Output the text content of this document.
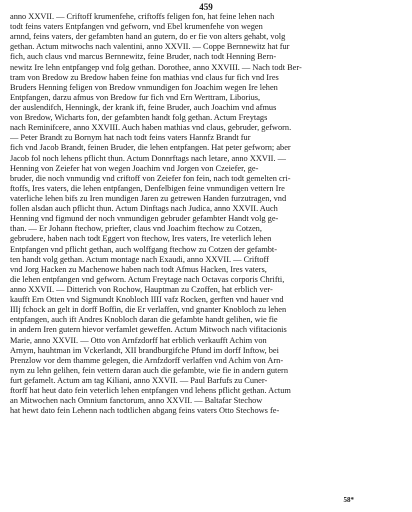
459
anno XXVII. — Criftoff krumenfehe, criftoffs feligen fon, hat feine lehen nach
todt feins vaters Entpfangen vnd gefworn, vnd Ebel krumenfehe von wegen
arnnd, feins vaters, der gefambten hand an gutern, do er fie von alters gehabt, volg
gethan. Actum mitwochs nach valentini, anno XXVII. — Coppe Bernnewitz hat fur
fich, auch claus vnd marcus Bernnewitz, feine Bruder, nach todt Henning Bern-
newitz Ire lehn entpfangep vnd folg gethan. Dorothee, anno XXVIII. — Nach todt Ber-
tram von Bredow zu Bredow haben feine fon mathias vnd claus fur fich vnd Ires
Bruders Henning feligen von Bredow vnmundigen fon Joachim wegen Ire lehen
Entpfangen, darzu afmus von Bredow fur fich vnd Ern Werttram, Liborius,
der auslendifch, Henningk, der krank ift, feine Bruder, auch Joachim vnd afmus
von Bredow, Wicharts fon, der gefambten handt folg gethan. Actum Freytags
nach Reminifcere, anno XXVIII. Auch haben mathias vnd claus, gebruder, gefworn.
— Peter Brandt zu Bornym hat nach todt feins vaters Hannfz Brandt fur
fich vnd Jacob Brandt, feinen Bruder, die lehen entpfangen. Hat peter gefworn; aber
Jacob fol noch lehens pflicht thun. Actum Donnrftags nach letare, anno XXVII. —
Henning von Zeiefer hat von wegen Joachim vnd Jorgen von Czeiefer, ge-
bruder, die noch vnmundig vnd criftoff von Zeiefer fon fein, nach todt gemelten cri-
ftoffs, Ires vaters, die lehen entpfangen, Denfelbigen feine vnmundigen vettern Ire
vaterliche lehen bifs zu Iren mundigen Jaren zu getrewen Handen furzutragen, vnd
follen alsdan auch pflicht thun. Actum Dinftags nach Judica, anno XXVII. Auch
Henning vnd figmund der noch vnmundigen gebruder gefambter Handt volg ge-
than. — Er Johann ftechow, priefter, claus vnd Joachim ftechow zu Cotzen,
gebrudere, haben nach todt Eggert von ftechow, Ires vaters, Ire veterlich lehen
Entpfangen vnd pflicht gethan, auch wolffgang ftechow zu Cotzen der gefambt-
ten handt volg gethan. Actum montage nach Exaudi, anno XXVII. — Criftoff
vnd Jorg Hacken zu Machenowe haben nach todt Afmus Hacken, Ires vaters,
die lehen entpfangen vnd gefworn. Actum Freytage nach Octavas corporis Chrifti,
anno XXVII. — Ditterich von Rochow, Hauptman zu Czoffen, hat erblich ver-
kaufft Ern Otten vnd Sigmundt Knobloch IIII vafz Rocken, gerften vnd hauer vnd
IIIj fchock an gelt in dorff Boffin, die Er verlaffen, vnd gnanter Knobloch zu lehen
entpfangen, auch ift Andres Knobloch daran die gefambte handt gelihen, wie fie
in andern Iren gutern hievor verfamlet geweffen. Actum Mitwoch nach vifitacionis
Marie, anno XXVII. — Otto von Arnfzdorff hat erblich verkaufft Achim von
Arnym, hauhtman im Vckerlandt, XII brandburgifche Pfund im dorff Inftow, bei
Prenzlow vor dem thamme gelegen, die Arnfzdorff verlaffen vnd Achim von Arn-
nym zu lehn gelihen, fein vettern daran auch die gefambte, wie fie in andern gutern
furt gefamelt. Actum am tag Kiliani, anno XXVII. — Paul Barfufs zu Cuner-
ftorff hat heut dato fein veterlich lehen entpfangen vnd lehens pflicht gethan. Actum
an Mitwochen nach Omnium fanctorum, anno XXVII. — Baltafar Stechow
hat hewt dato fein Lehenn nach todtlichen abgang feins vaters Otto Stechows fe-
58*
